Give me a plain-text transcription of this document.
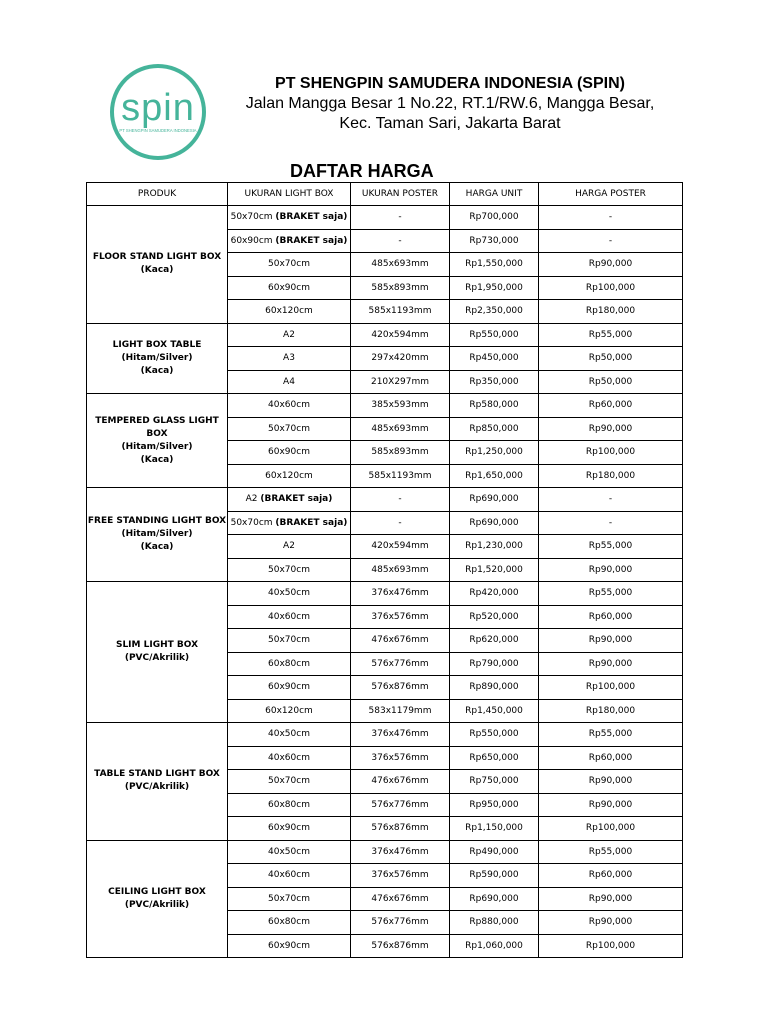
spin
PT SHENGPIN SAMUDERA INDONESIA
PT SHENGPIN SAMUDERA INDONESIA (SPIN)
Jalan Mangga Besar 1 No.22, RT.1/RW.6, Mangga Besar,
Kec. Taman Sari, Jakarta Barat
DAFTAR HARGA
PRODUK	UKURAN LIGHT BOX	UKURAN POSTER	HARGA UNIT	HARGA POSTER

FLOOR STAND LIGHT BOX
(Kaca)	50x70cm (BRAKET saja)	-	Rp700,000	-
	60x90cm (BRAKET saja)	-	Rp730,000	-
	50x70cm	485x693mm	Rp1,550,000	Rp90,000
	60x90cm	585x893mm	Rp1,950,000	Rp100,000
	60x120cm	585x1193mm	Rp2,350,000	Rp180,000

LIGHT BOX TABLE
(Hitam/Silver)
(Kaca)	A2	420x594mm	Rp550,000	Rp55,000
	A3	297x420mm	Rp450,000	Rp50,000
	A4	210X297mm	Rp350,000	Rp50,000

TEMPERED GLASS LIGHT BOX
(Hitam/Silver)
(Kaca)	40x60cm	385x593mm	Rp580,000	Rp60,000
	50x70cm	485x693mm	Rp850,000	Rp90,000
	60x90cm	585x893mm	Rp1,250,000	Rp100,000
	60x120cm	585x1193mm	Rp1,650,000	Rp180,000

FREE STANDING LIGHT BOX
(Hitam/Silver)
(Kaca)	A2 (BRAKET saja)	-	Rp690,000	-
	50x70cm (BRAKET saja)	-	Rp690,000	-
	A2	420x594mm	Rp1,230,000	Rp55,000
	50x70cm	485x693mm	Rp1,520,000	Rp90,000

SLIM LIGHT BOX
(PVC/Akrilik)	40x50cm	376x476mm	Rp420,000	Rp55,000
	40x60cm	376x576mm	Rp520,000	Rp60,000
	50x70cm	476x676mm	Rp620,000	Rp90,000
	60x80cm	576x776mm	Rp790,000	Rp90,000
	60x90cm	576x876mm	Rp890,000	Rp100,000
	60x120cm	583x1179mm	Rp1,450,000	Rp180,000

TABLE STAND LIGHT BOX
(PVC/Akrilik)	40x50cm	376x476mm	Rp550,000	Rp55,000
	40x60cm	376x576mm	Rp650,000	Rp60,000
	50x70cm	476x676mm	Rp750,000	Rp90,000
	60x80cm	576x776mm	Rp950,000	Rp90,000
	60x90cm	576x876mm	Rp1,150,000	Rp100,000

CEILING LIGHT BOX
(PVC/Akrilik)	40x50cm	376x476mm	Rp490,000	Rp55,000
	40x60cm	376x576mm	Rp590,000	Rp60,000
	50x70cm	476x676mm	Rp690,000	Rp90,000
	60x80cm	576x776mm	Rp880,000	Rp90,000
	60x90cm	576x876mm	Rp1,060,000	Rp100,000
